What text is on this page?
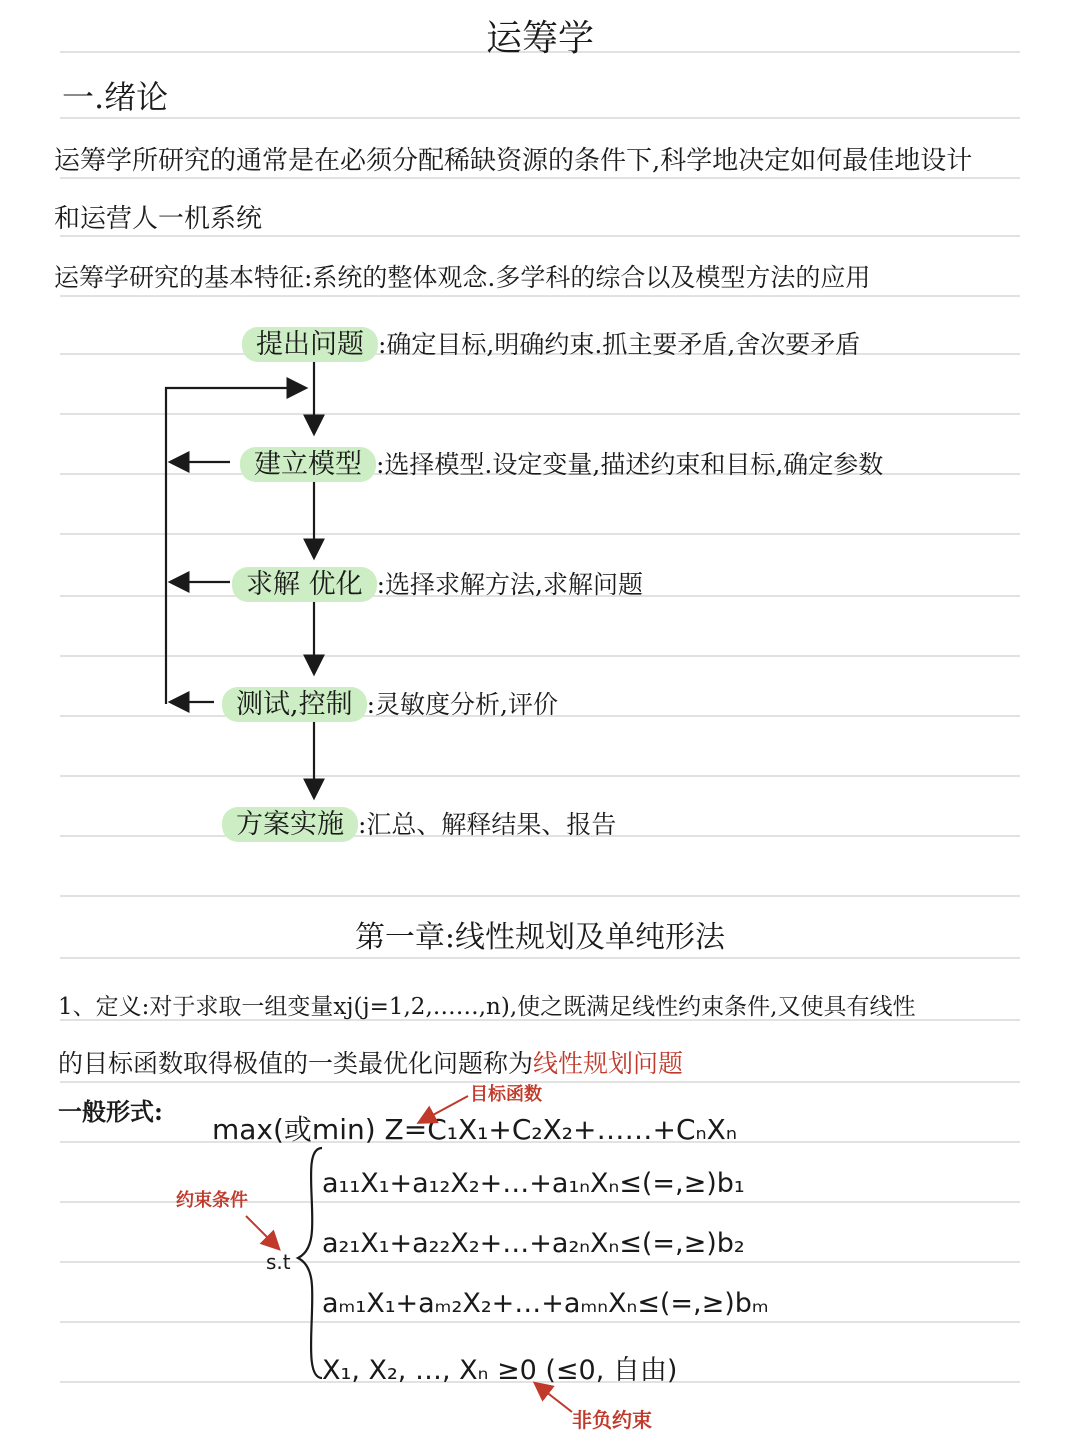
运筹学
一.绪论
运筹学所研究的通常是在必须分配稀缺资源的条件下,科学地决定如何最佳地设计
和运营人一机系统
运筹学研究的基本特征:系统的整体观念.多学科的综合以及模型方法的应用
提出问题 :确定目标,明确约束.抓主要矛盾,舍次要矛盾
建立模型 :选择模型.设定变量,描述约束和目标,确定参数
求解 优化 :选择求解方法,求解问题
测试,控制 :灵敏度分析,评价
方案实施 :汇总、解释结果、报告
第一章:线性规划及单纯形法
1、定义:对于求取一组变量xj(j=1,2,……,n),使之既满足线性约束条件,又使具有线性
的目标函数取得极值的一类最优化问题称为线性规划问题
一般形式:
目标函数
max(或min) Z=C₁X₁+C₂X₂+……+CₙXₙ
约束条件
s.t
a₁₁X₁+a₁₂X₂+…+a₁ₙXₙ≤(=,≥)b₁
a₂₁X₁+a₂₂X₂+…+a₂ₙXₙ≤(=,≥)b₂
aₘ₁X₁+aₘ₂X₂+…+aₘₙXₙ≤(=,≥)bₘ
X₁, X₂, …, Xₙ ≥0 (≤0, 自由)
非负约束
